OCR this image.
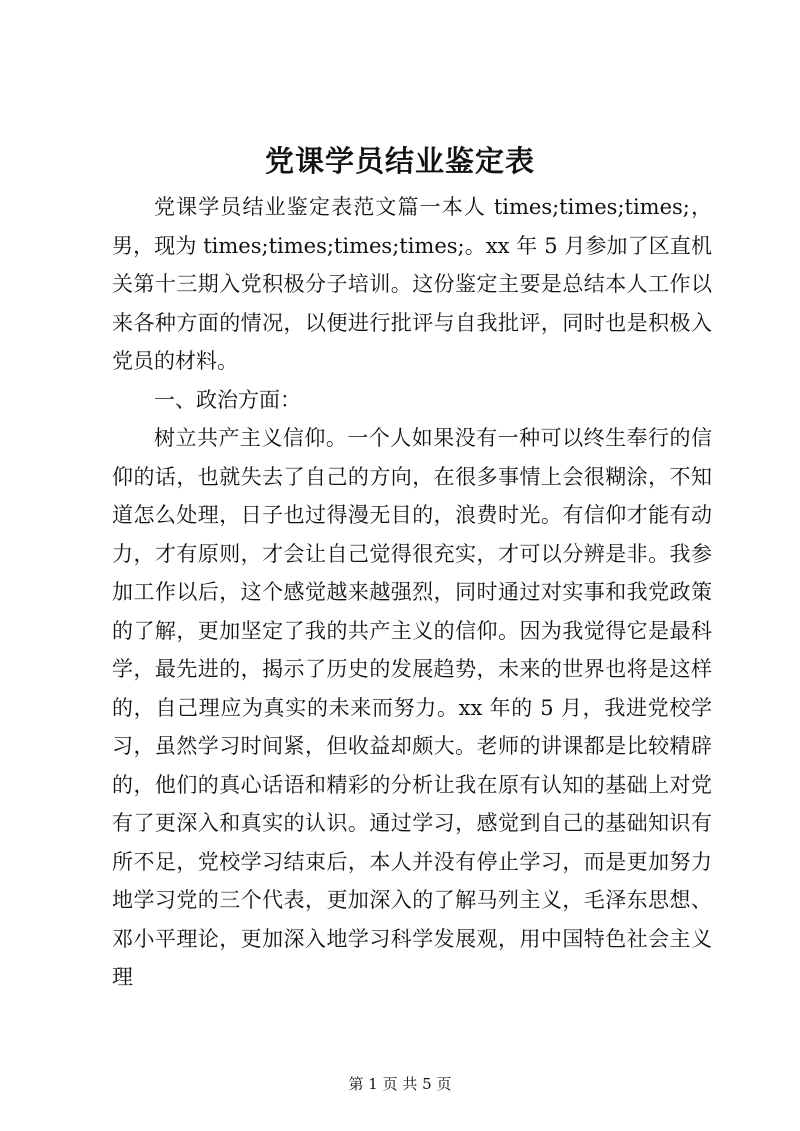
党课学员结业鉴定表

党课学员结业鉴定表范文篇一本人 times;times;times;，男，现为 times;times;times;times;。xx 年 5 月参加了区直机关第十三期入党积极分子培训。这份鉴定主要是总结本人工作以来各种方面的情况，以便进行批评与自我批评，同时也是积极入党员的材料。

一、政治方面：

树立共产主义信仰。一个人如果没有一种可以终生奉行的信仰的话，也就失去了自己的方向，在很多事情上会很糊涂，不知道怎么处理，日子也过得漫无目的，浪费时光。有信仰才能有动力，才有原则，才会让自己觉得很充实，才可以分辨是非。我参加工作以后，这个感觉越来越强烈，同时通过对实事和我党政策的了解，更加坚定了我的共产主义的信仰。因为我觉得它是最科学，最先进的，揭示了历史的发展趋势，未来的世界也将是这样的，自己理应为真实的未来而努力。xx 年的 5 月，我进党校学习，虽然学习时间紧，但收益却颇大。老师的讲课都是比较精辟的，他们的真心话语和精彩的分析让我在原有认知的基础上对党有了更深入和真实的认识。通过学习，感觉到自己的基础知识有所不足，党校学习结束后，本人并没有停止学习，而是更加努力地学习党的三个代表，更加深入的了解马列主义，毛泽东思想、邓小平理论，更加深入地学习科学发展观，用中国特色社会主义理

第 1 页 共 5 页
